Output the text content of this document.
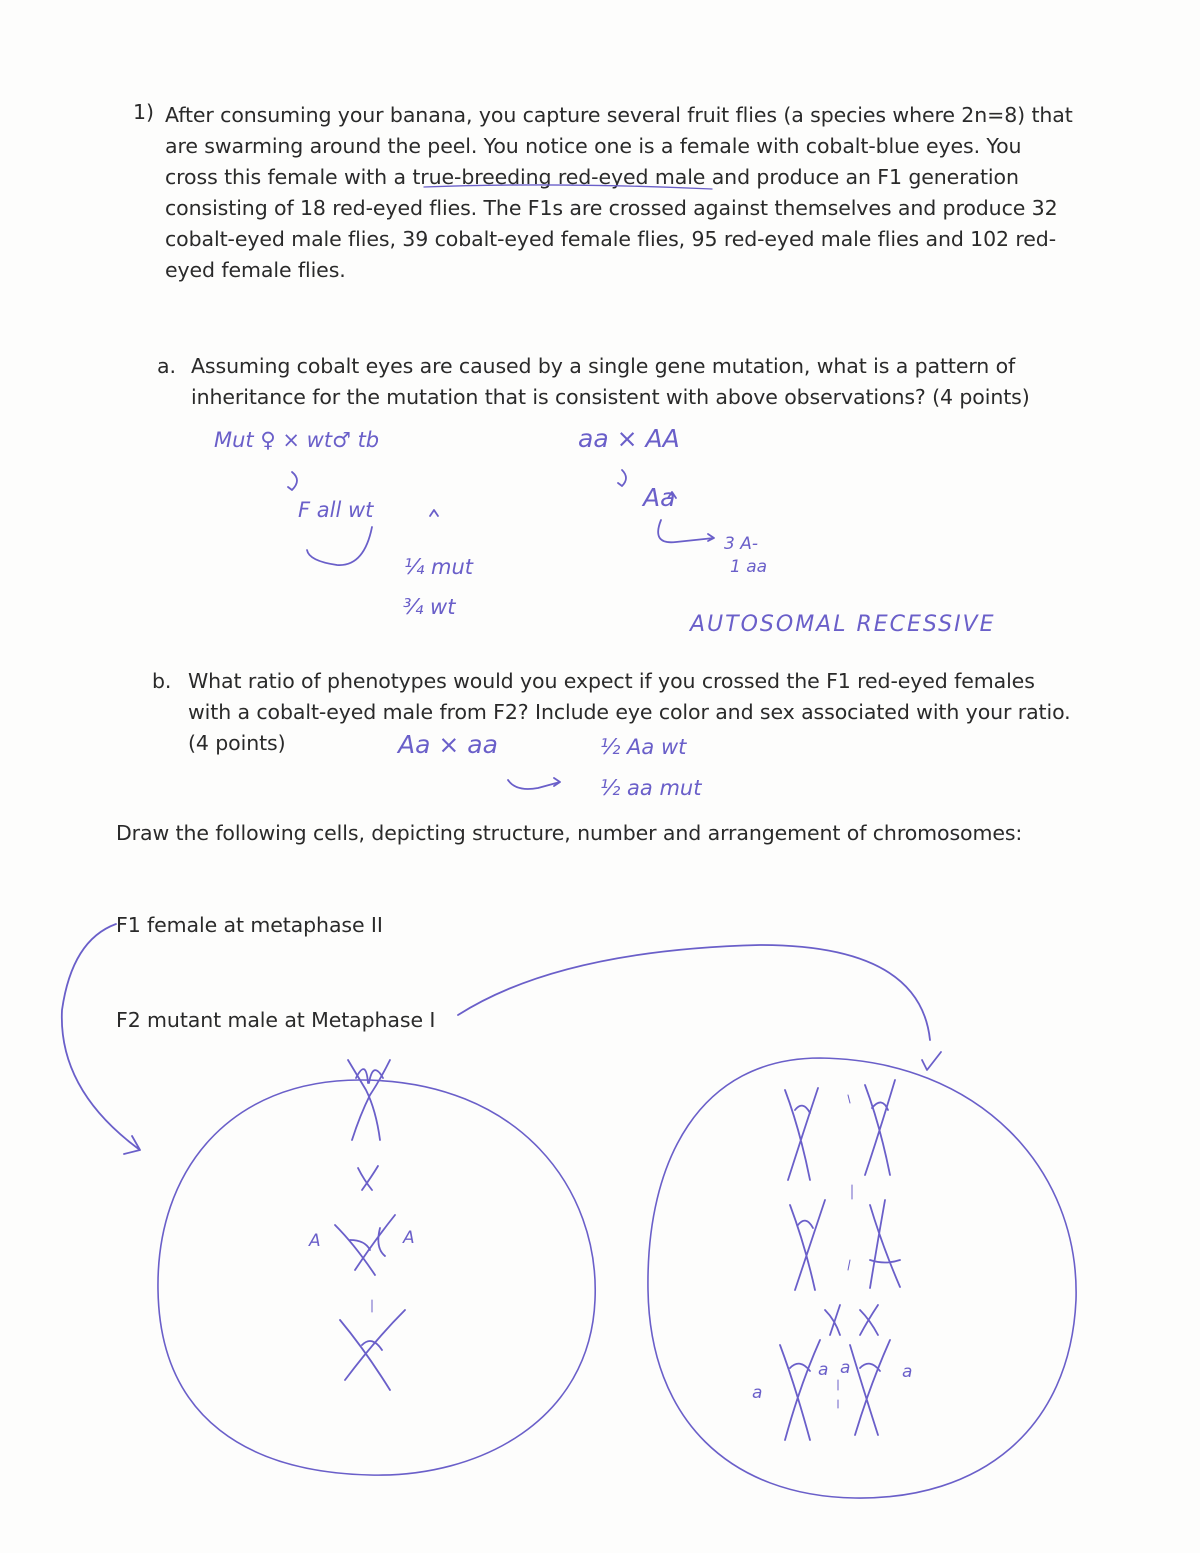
1) After consuming your banana, you capture several fruit flies (a species where 2n=8) that
are swarming around the peel. You notice one is a female with cobalt-blue eyes. You
cross this female with a true-breeding red-eyed male and produce an F1 generation
consisting of 18 red-eyed flies. The F1s are crossed against themselves and produce 32
cobalt-eyed male flies, 39 cobalt-eyed female flies, 95 red-eyed male flies and 102 red-
eyed female flies.
a. Assuming cobalt eyes are caused by a single gene mutation, what is a pattern of
inheritance for the mutation that is consistent with above observations? (4 points)
Mut ♀ × wt♂ tb
F all wt
¼ mut
¾ wt
aa × AA
Aa
3 A-
1 aa
AUTOSOMAL RECESSIVE
b. What ratio of phenotypes would you expect if you crossed the F1 red-eyed females
with a cobalt-eyed male from F2? Include eye color and sex associated with your ratio.
(4 points)	Aa × aa	½ Aa wt
½ aa mut
Draw the following cells, depicting structure, number and arrangement of chromosomes:
F1 female at metaphase II
F2 mutant male at Metaphase I
A	A
a
a a	a
